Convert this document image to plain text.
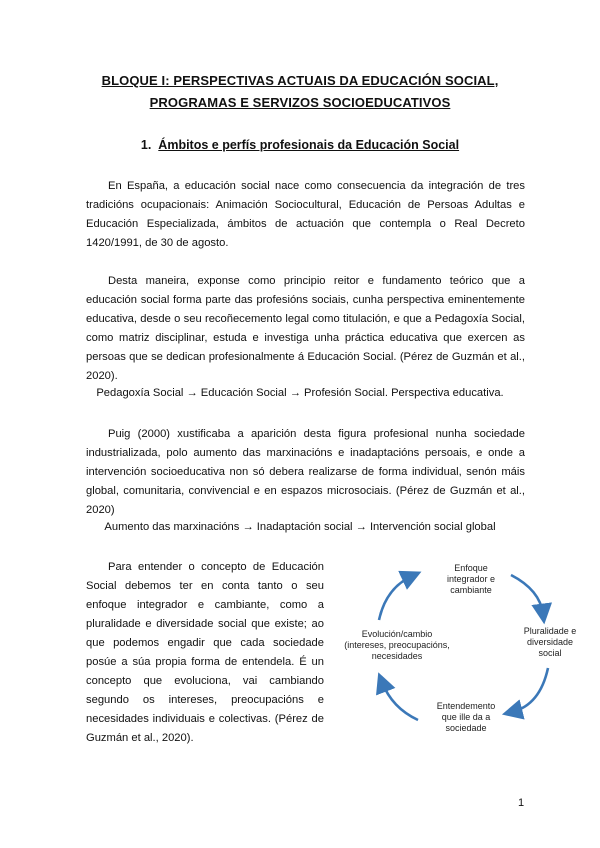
BLOQUE I: PERSPECTIVAS ACTUAIS DA EDUCACIÓN SOCIAL,
PROGRAMAS E SERVIZOS SOCIOEDUCATIVOS
1. Ámbitos e perfís profesionais da Educación Social

En España, a educación social nace como consecuencia da integración de tres tradicións ocupacionais: Animación Sociocultural, Educación de Persoas Adultas e Educación Especializada, ámbitos de actuación que contempla o Real Decreto 1420/1991, de 30 de agosto.

Desta maneira, exponse como principio reitor e fundamento teórico que a educación social forma parte das profesións sociais, cunha perspectiva eminentemente educativa, desde o seu recoñecemento legal como titulación, e que a Pedagoxía Social, como matriz disciplinar, estuda e investiga unha práctica educativa que exercen as persoas que se dedican profesionalmente á Educación Social. (Pérez de Guzmán et al., 2020).

Pedagoxía Social → Educación Social → Profesión Social. Perspectiva educativa.

Puig (2000) xustificaba a aparición desta figura profesional nunha sociedade industrializada, polo aumento das marxinacións e inadaptacións persoais, e onde a intervención socioeducativa non só debera realizarse de forma individual, senón máis global, comunitaria, convivencial e en espazos microsociais. (Pérez de Guzmán et al., 2020)

Aumento das marxinacións → Inadaptación social → Intervención social global

Para entender o concepto de Educación Social debemos ter en conta tanto o seu enfoque integrador e cambiante, como a pluralidade e diversidade social que existe; ao que podemos engadir que cada sociedade posúe a súa propia forma de entendela. É un concepto que evoluciona, vai cambiando segundo os intereses, preocupacións e necesidades individuais e colectivas. (Pérez de Guzmán et al., 2020).

Enfoque
integrador e
cambiante
Pluralidade e
diversidade
social
Entendemento
que ille da a
sociedade
Evolución/cambio
(intereses, preocupacións,
necesidades
1
